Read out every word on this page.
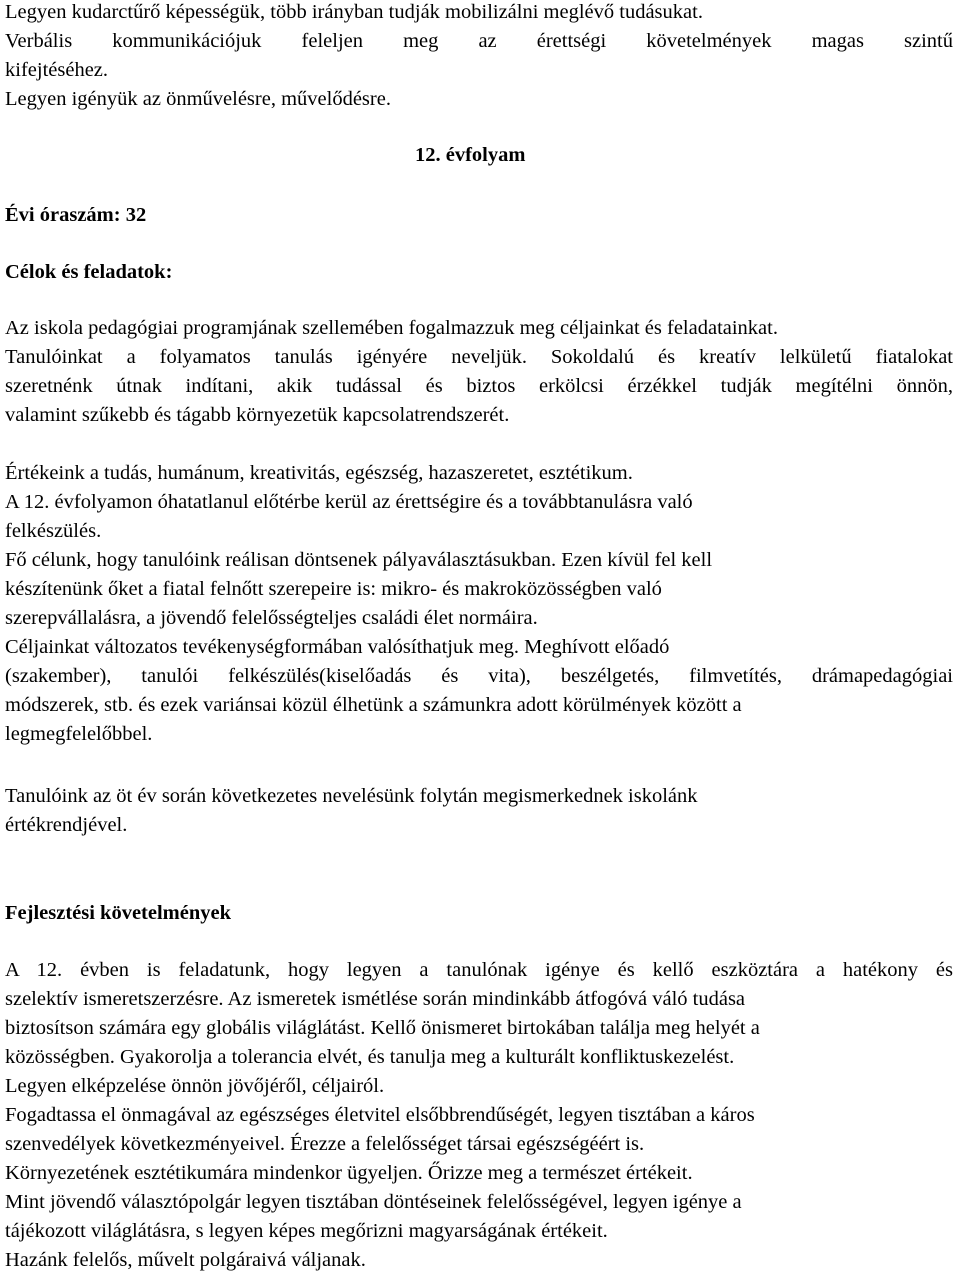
Legyen kudarctűrő képességük, több irányban tudják mobilizálni meglévő tudásukat.
Verbális kommunikációjuk feleljen meg az érettségi követelmények magas szintű
kifejtéséhez.
Legyen igényük az önművelésre, művelődésre.
12. évfolyam
Évi óraszám: 32
Célok és feladatok:
Az iskola pedagógiai programjának szellemében fogalmazzuk meg céljainkat és feladatainkat.
Tanulóinkat a folyamatos tanulás igényére neveljük. Sokoldalú és kreatív lelkületű fiatalokat
szeretnénk útnak indítani, akik tudással és biztos erkölcsi érzékkel tudják megítélni önnön,
valamint szűkebb és tágabb környezetük kapcsolatrendszerét.
Értékeink a tudás, humánum, kreativitás, egészség, hazaszeretet, esztétikum.
A 12. évfolyamon óhatatlanul előtérbe kerül az érettségire és a továbbtanulásra való
felkészülés.
Fő célunk, hogy tanulóink reálisan döntsenek pályaválasztásukban. Ezen kívül fel kell
készítenünk őket a fiatal felnőtt szerepeire is: mikro- és makroközösségben való
szerepvállalásra, a jövendő felelősségteljes családi élet normáira.
Céljainkat változatos tevékenységformában valósíthatjuk meg. Meghívott előadó
(szakember), tanulói felkészülés(kiselőadás és vita), beszélgetés, filmvetítés, drámapedagógiai
módszerek, stb. és ezek variánsai közül élhetünk a számunkra adott körülmények között a
legmegfelelőbbel.
Tanulóink az öt év során következetes nevelésünk folytán megismerkednek iskolánk
értékrendjével.
Fejlesztési követelmények
A 12. évben is feladatunk, hogy legyen a tanulónak igénye és kellő eszköztára a hatékony és
szelektív ismeretszerzésre. Az ismeretek ismétlése során mindinkább átfogóvá váló tudása
biztosítson számára egy globális világlátást. Kellő önismeret birtokában találja meg helyét a
közösségben. Gyakorolja a tolerancia elvét, és tanulja meg a kulturált konfliktuskezelést.
Legyen elképzelése önnön jövőjéről, céljairól.
Fogadtassa el önmagával az egészséges életvitel elsőbbrendűségét, legyen tisztában a káros
szenvedélyek következményeivel. Érezze a felelősséget társai egészségéért is.
Környezetének esztétikumára mindenkor ügyeljen. Őrizze meg a természet értékeit.
Mint jövendő választópolgár legyen tisztában döntéseinek felelősségével, legyen igénye a
tájékozott világlátásra, s legyen képes megőrizni magyarságának értékeit.
Hazánk felelős, művelt polgáraivá váljanak.
